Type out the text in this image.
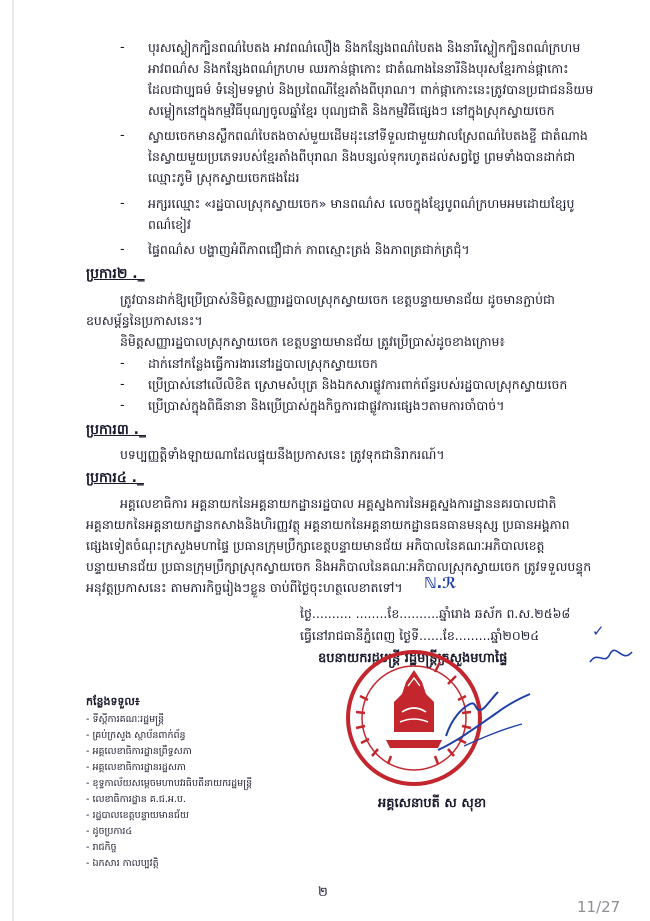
- បុរសស្លៀកក្បិនពណ៌បៃតង អាវពណ៌លឿង និងកន្សែងពណ៌បៃតង និងនារីស្លៀកក្បិនពណ៌ក្រហម
អាវពណ៌ស និងកន្សែងពណ៌ក្រហម ឈរកាន់ផ្កាកោះ ជាតំណាងនៃនារីនិងបុរសខ្មែរកាន់ផ្កាកោះ
ដែលជាប្បធម៌ ទំនៀមទម្លាប់ និងប្រពៃណីខ្មែរតាំងពីបុរាណ។ ពាក់ផ្កាកោះនេះត្រូវបានប្រជាជននិយម
សម្លៀកនៅក្នុងកម្មវិធីបុណ្យចូលឆ្នាំខ្មែរ បុណ្យជាតិ និងកម្មវិធីផ្សេងៗ នៅក្នុងស្រុកស្វាយចេក
- ស្វាយចេកមានស្លឹកពណ៌បៃតងចាស់មួយដើមដុះនៅទីទួលជាមួយវាលស្រែពណ៌បៃតងខ្ចី ជាតំណាង
នៃស្វាយមួយប្រភេទរបស់ខ្មែរតាំងពីបុរាណ និងបន្សល់ទុករហូតដល់សព្វថ្ងៃ ព្រមទាំងបានដាក់ជា
ឈ្មោះភូមិ ស្រុកស្វាយចេកផងដែរ
- អក្សរឈ្មោះ «រដ្ឋបាលស្រុកស្វាយចេក» មានពណ៌ស លេចក្នុងខ្សែបូពណ៌ក្រហមអមដោយខ្សែបូ
ពណ៌ខៀវ
- ផ្ទៃពណ៌ស បង្ហាញអំពីភាពជឿជាក់ ភាពស្មោះត្រង់ និងភាពត្រជាក់ត្រជុំ។
ប្រការ២ ._
ត្រូវបានដាក់ឱ្យប្រើប្រាស់និមិត្តសញ្ញារដ្ឋបាលស្រុកស្វាយចេក ខេត្តបន្ទាយមានជ័យ ដូចមានភ្ជាប់ជា
ឧបសម្ព័ន្ធនៃប្រកាសនេះ។
និមិត្តសញ្ញារដ្ឋបាលស្រុកស្វាយចេក ខេត្តបន្ទាយមានជ័យ ត្រូវប្រើប្រាស់ដូចខាងក្រោម៖
- ដាក់នៅកន្លែងធ្វើការងារនៅរដ្ឋបាលស្រុកស្វាយចេក
- ប្រើប្រាស់នៅលើលិខិត ស្រោមសំបុត្រ និងឯកសារផ្លូវការពាក់ព័ន្ធរបស់រដ្ឋបាលស្រុកស្វាយចេក
- ប្រើប្រាស់ក្នុងពិធីនានា និងប្រើប្រាស់ក្នុងកិច្ចការជាផ្លូវការផ្សេងៗតាមការចាំបាច់។
ប្រការ៣ ._
បទប្បញ្ញត្តិទាំងឡាយណាដែលផ្ទុយនឹងប្រកាសនេះ ត្រូវទុកជានិរាករណ៍។
ប្រការ៤ ._
អគ្គលេខាធិការ អគ្គនាយកនៃអគ្គនាយកដ្ឋានរដ្ឋបាល អគ្គស្នងការនៃអគ្គស្នងការដ្ឋាននគរបាលជាតិ
អគ្គនាយកនៃអគ្គនាយកដ្ឋានកសាងនិងហិរញ្ញវត្ថុ អគ្គនាយកនៃអគ្គនាយកដ្ឋានធនធានមនុស្ស ប្រធានអង្គភាព
ផ្សេងទៀតចំណុះក្រសួងមហាផ្ទៃ ប្រធានក្រុមប្រឹក្សាខេត្តបន្ទាយមានជ័យ អភិបាលនៃគណៈអភិបាលខេត្ត
បន្ទាយមានជ័យ ប្រធានក្រុមប្រឹក្សាស្រុកស្វាយចេក និងអភិបាលនៃគណៈអភិបាលស្រុកស្វាយចេក ត្រូវទទួលបន្ទុក
អនុវត្តប្រកាសនេះ តាមភារកិច្ចរៀងៗខ្លួន ចាប់ពីថ្ងៃចុះហត្ថលេខាតទៅ។ ℕ.ℛ
ថ្ងៃ.......... ........ខែ..........ឆ្នាំរោង ឆស័ក ព.ស.២៥៦៨
ធ្វើនៅរាជធានីភ្នំពេញ ថ្ងៃទី......ខែ.........ឆ្នាំ២០២៤	✓
ឧបនាយករដ្ឋមន្ត្រី រដ្ឋមន្ត្រីក្រសួងមហាផ្ទៃ
អគ្គសេនាបតី ស សុខា
កន្លែងទទួល៖
- ទីស្តីការគណៈរដ្ឋមន្ត្រី
- គ្រប់ក្រសួង ស្ថាប័នពាក់ព័ន្ធ
- អគ្គលេខាធិការដ្ឋានព្រឹទ្ធសភា
- អគ្គលេខាធិការដ្ឋានរដ្ឋសភា
- ខុទ្ទកាល័យសម្តេចមហាបវរធិបតីនាយករដ្ឋមន្ត្រី
- លេខាធិការដ្ឋាន គ.ជ.អ.ប.
- រដ្ឋបាលខេត្តបន្ទាយមានជ័យ
- ដូចប្រការ៤
- រាជកិច្ច
- ឯកសារ កាលប្បវត្តិ
២
11/27
